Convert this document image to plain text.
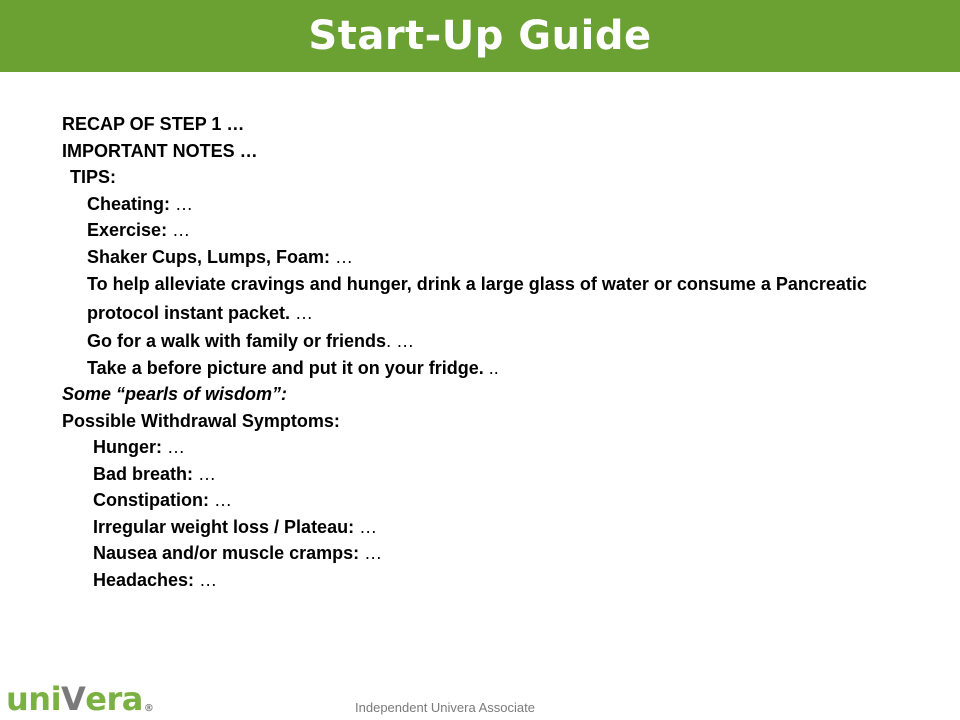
Start-Up Guide
RECAP OF STEP 1 …
IMPORTANT NOTES …
TIPS:
Cheating: …
Exercise: …
Shaker Cups, Lumps, Foam: …
To help alleviate cravings and hunger, drink a large glass of water or consume a Pancreatic protocol instant packet. …
Go for a walk with family or friends. …
Take a before picture and put it on your fridge. ..
Some “pearls of wisdom”:
Possible Withdrawal Symptoms:
Hunger: …
Bad breath: …
Constipation: …
Irregular weight loss / Plateau: …
Nausea and/or muscle cramps: …
Headaches: …
uni V era ®	Independent Univera Associate
